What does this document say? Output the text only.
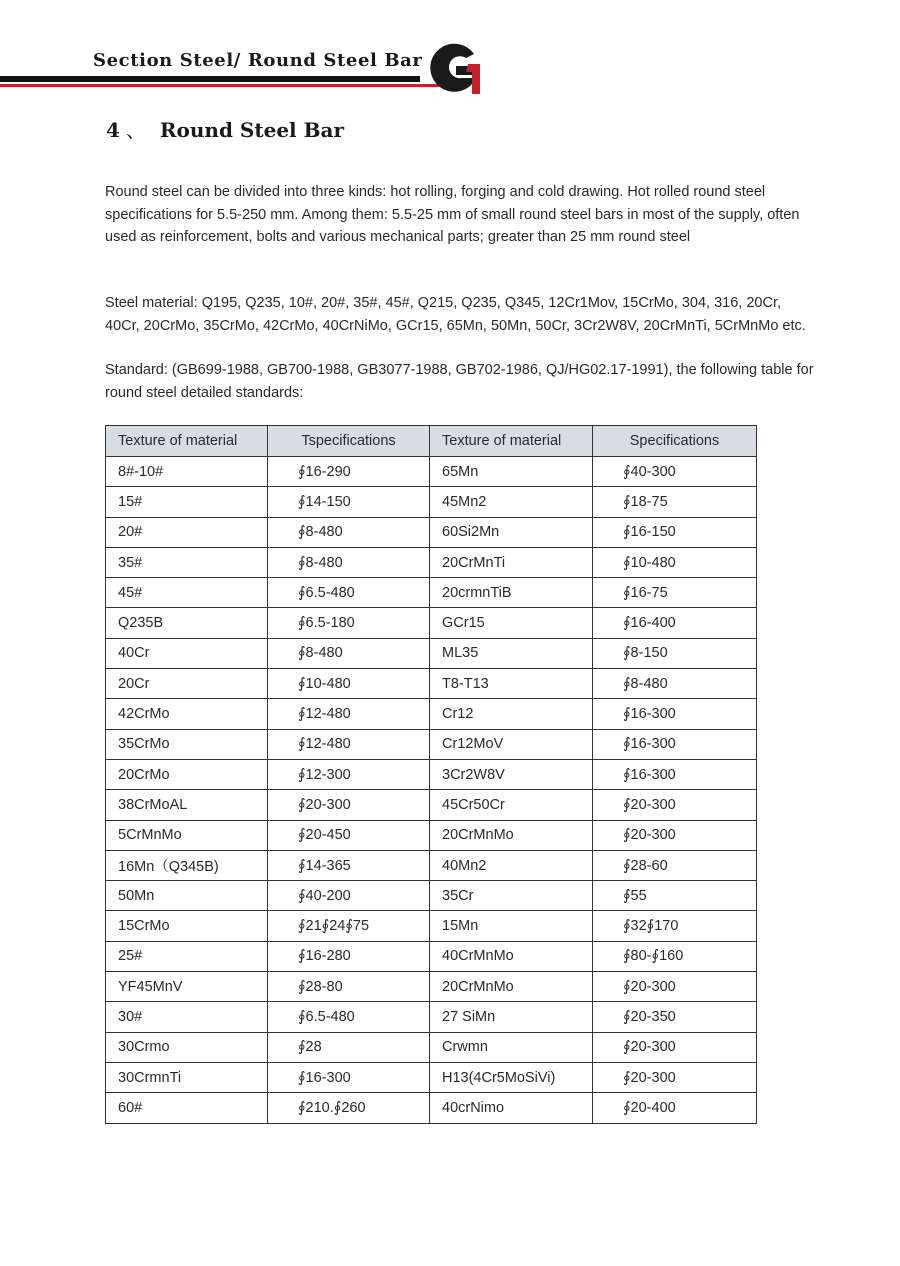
Section Steel/ Round Steel Bar
4 、 Round Steel Bar

Round steel can be divided into three kinds: hot rolling, forging and cold drawing. Hot rolled round steel specifications for 5.5-250 mm. Among them: 5.5-25 mm of small round steel bars in most of the supply, often used as reinforcement, bolts and various mechanical parts; greater than 25 mm round steel

Steel material: Q195, Q235, 10#, 20#, 35#, 45#, Q215, Q235, Q345, 12Cr1Mov, 15CrMo, 304, 316, 20Cr, 40Cr, 20CrMo, 35CrMo, 42CrMo, 40CrNiMo, GCr15, 65Mn, 50Mn, 50Cr, 3Cr2W8V, 20CrMnTi, 5CrMnMo etc.

Standard: (GB699-1988, GB700-1988, GB3077-1988, GB702-1986, QJ/HG02.17-1991), the following table for round steel detailed standards:

Texture of material	Tspecifications	Texture of material	Specifications
8#-10#	∮16-290	65Mn	∮40-300
15#	∮14-150	45Mn2	∮18-75
20#	∮8-480	60Si2Mn	∮16-150
35#	∮8-480	20CrMnTi	∮10-480
45#	∮6.5-480	20crmnTiB	∮16-75
Q235B	∮6.5-180	GCr15	∮16-400
40Cr	∮8-480	ML35	∮8-150
20Cr	∮10-480	T8-T13	∮8-480
42CrMo	∮12-480	Cr12	∮16-300
35CrMo	∮12-480	Cr12MoV	∮16-300
20CrMo	∮12-300	3Cr2W8V	∮16-300
38CrMoAL	∮20-300	45Cr50Cr	∮20-300
5CrMnMo	∮20-450	20CrMnMo	∮20-300
16Mn（Q345B)	∮14-365	40Mn2	∮28-60
50Mn	∮40-200	35Cr	∮55
15CrMo	∮21∮24∮75	15Mn	∮32∮170
25#	∮16-280	40CrMnMo	∮80-∮160
YF45MnV	∮28-80	20CrMnMo	∮20-300
30#	∮6.5-480	27 SiMn	∮20-350
30Crmo	∮28	Crwmn	∮20-300
30CrmnTi	∮16-300	H13(4Cr5MoSiVi)	∮20-300
60#	∮210.∮260	40crNimo	∮20-400
